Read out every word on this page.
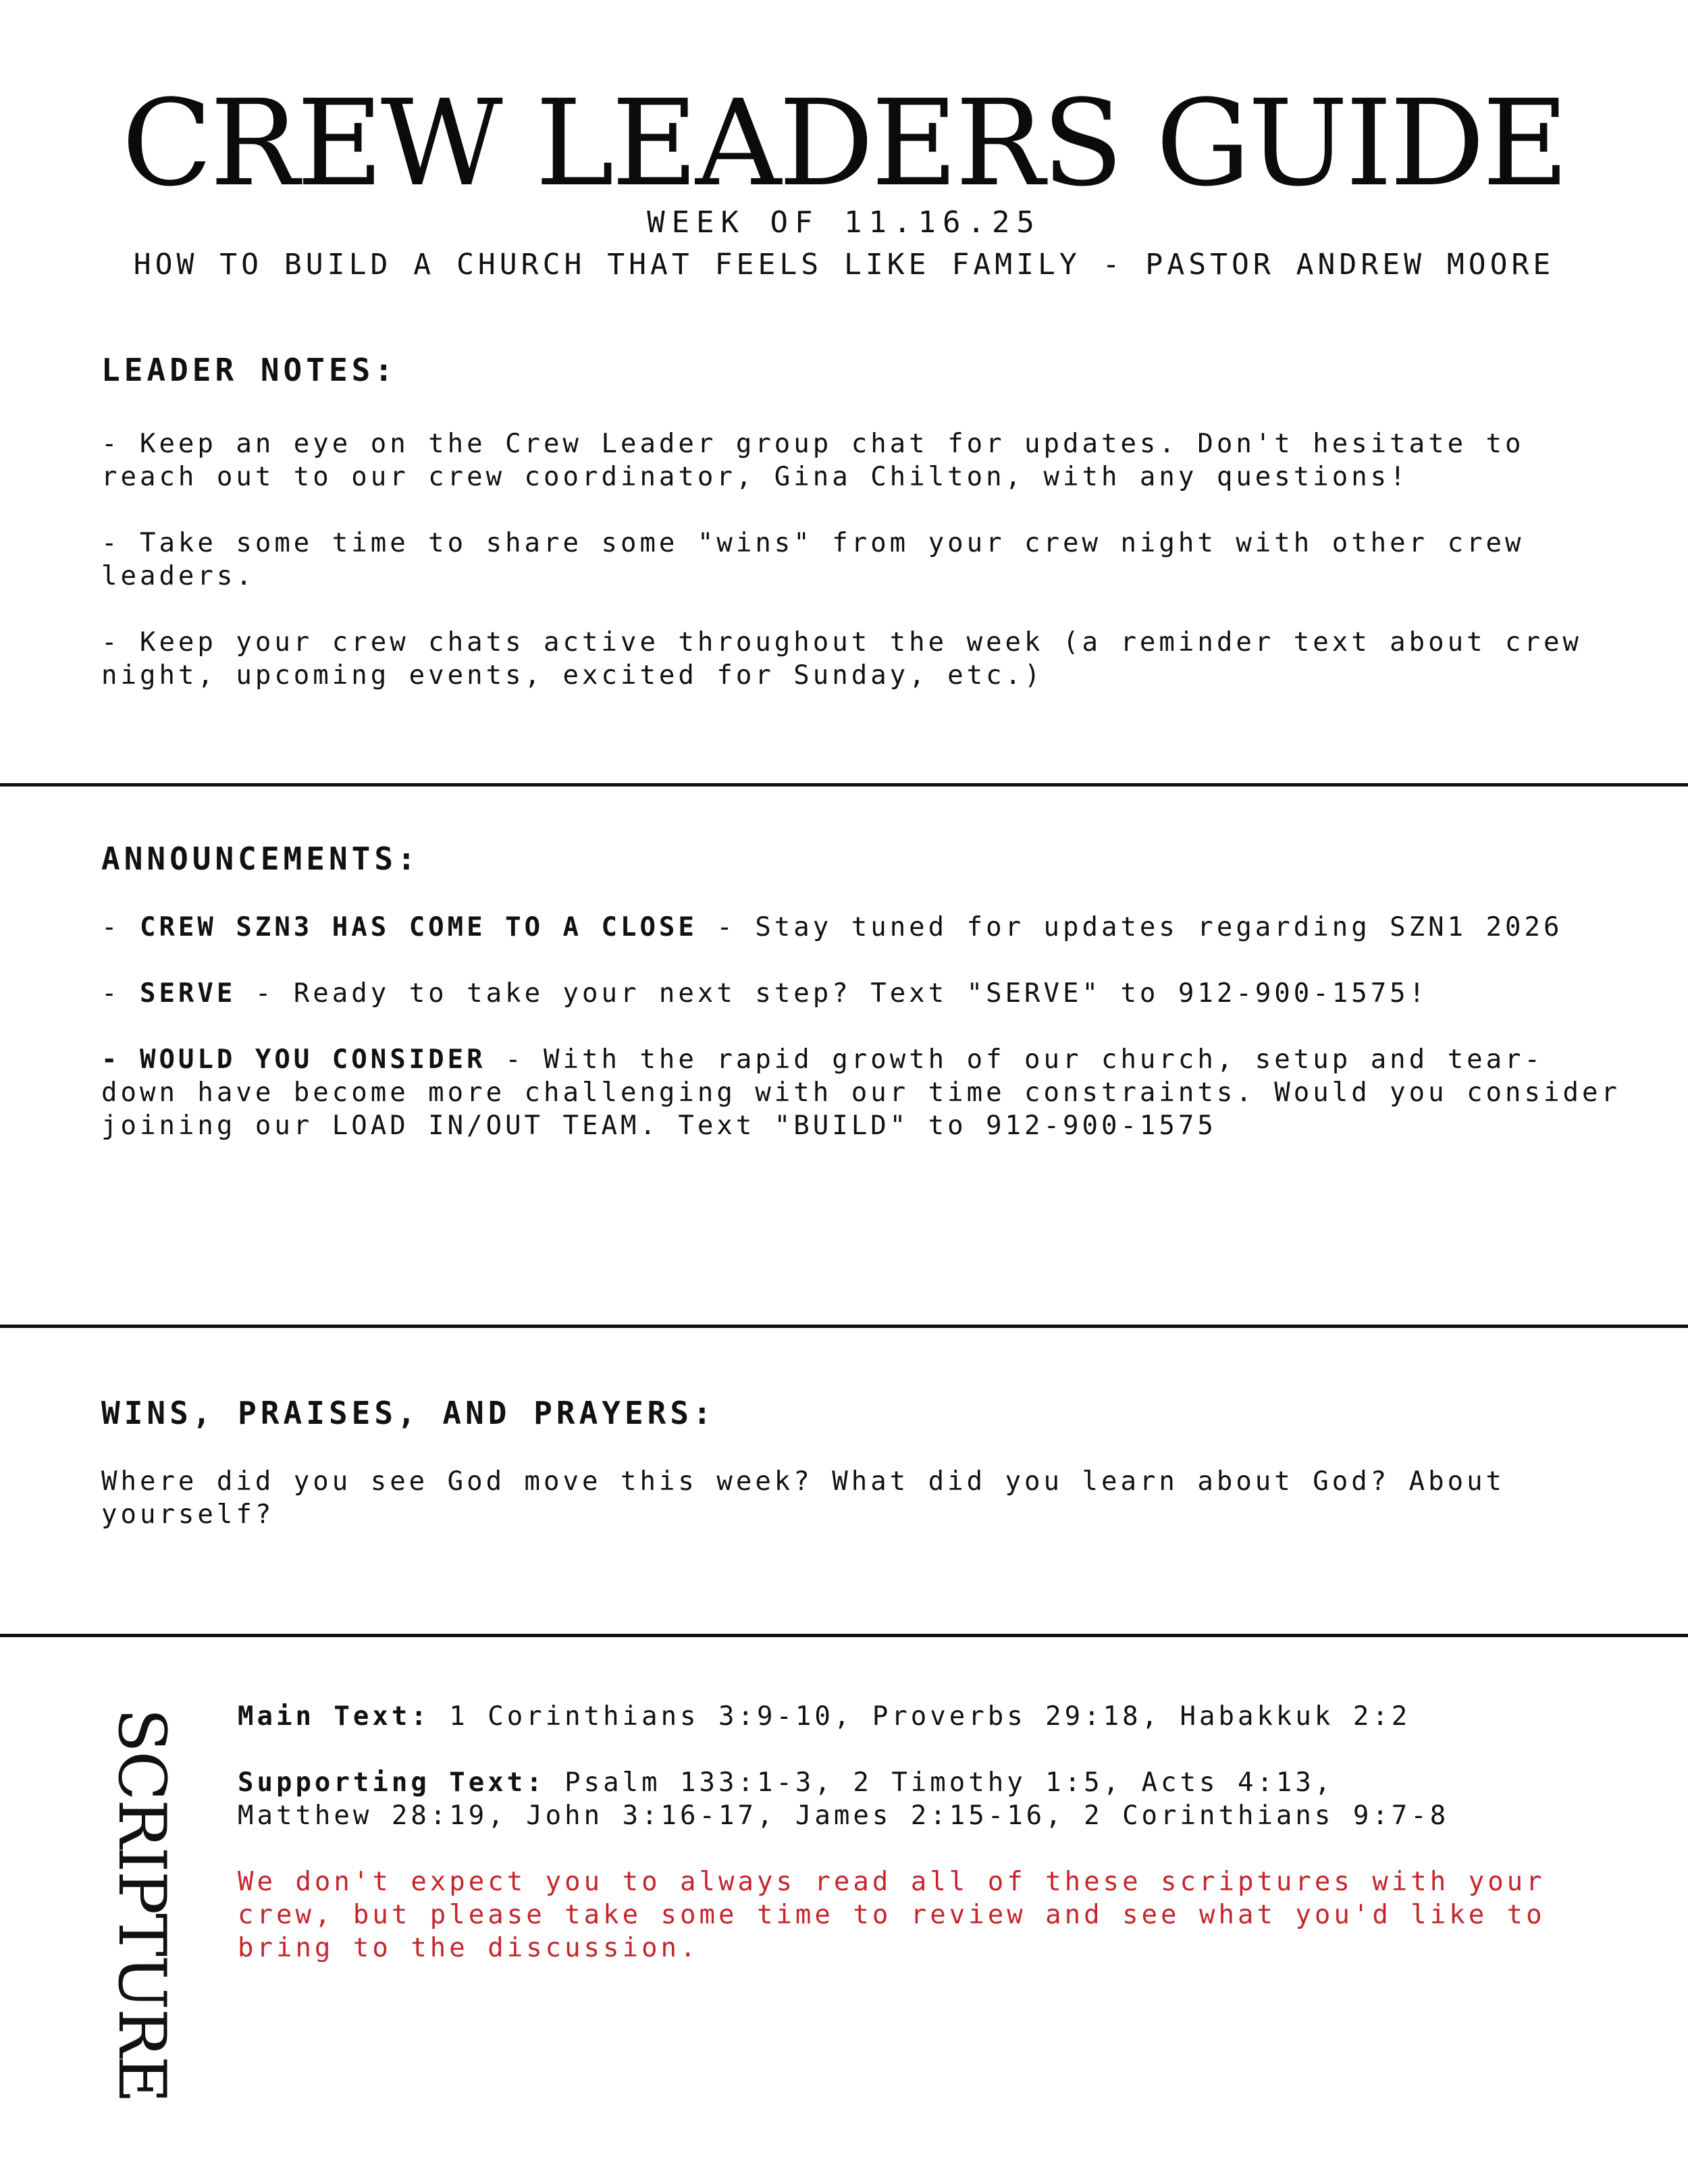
CREW LEADERS GUIDE
WEEK OF 11.16.25
HOW TO BUILD A CHURCH THAT FEELS LIKE FAMILY - PASTOR ANDREW MOORE
LEADER NOTES:
- Keep an eye on the Crew Leader group chat for updates. Don't hesitate to
reach out to our crew coordinator, Gina Chilton, with any questions!
- Take some time to share some "wins" from your crew night with other crew
leaders.
- Keep your crew chats active throughout the week (a reminder text about crew
night, upcoming events, excited for Sunday, etc.)
ANNOUNCEMENTS:
- CREW SZN3 HAS COME TO A CLOSE - Stay tuned for updates regarding SZN1 2026
- SERVE - Ready to take your next step? Text "SERVE" to 912-900-1575!
- WOULD YOU CONSIDER - With the rapid growth of our church, setup and tear-
down have become more challenging with our time constraints. Would you consider
joining our LOAD IN/OUT TEAM. Text "BUILD" to 912-900-1575
WINS, PRAISES, AND PRAYERS:
Where did you see God move this week? What did you learn about God? About
yourself?
SCRIPTURE	Main Text: 1 Corinthians 3:9-10, Proverbs 29:18, Habakkuk 2:2
Supporting Text: Psalm 133:1-3, 2 Timothy 1:5, Acts 4:13,
Matthew 28:19, John 3:16-17, James 2:15-16, 2 Corinthians 9:7-8
We don't expect you to always read all of these scriptures with your
crew, but please take some time to review and see what you'd like to
bring to the discussion.
